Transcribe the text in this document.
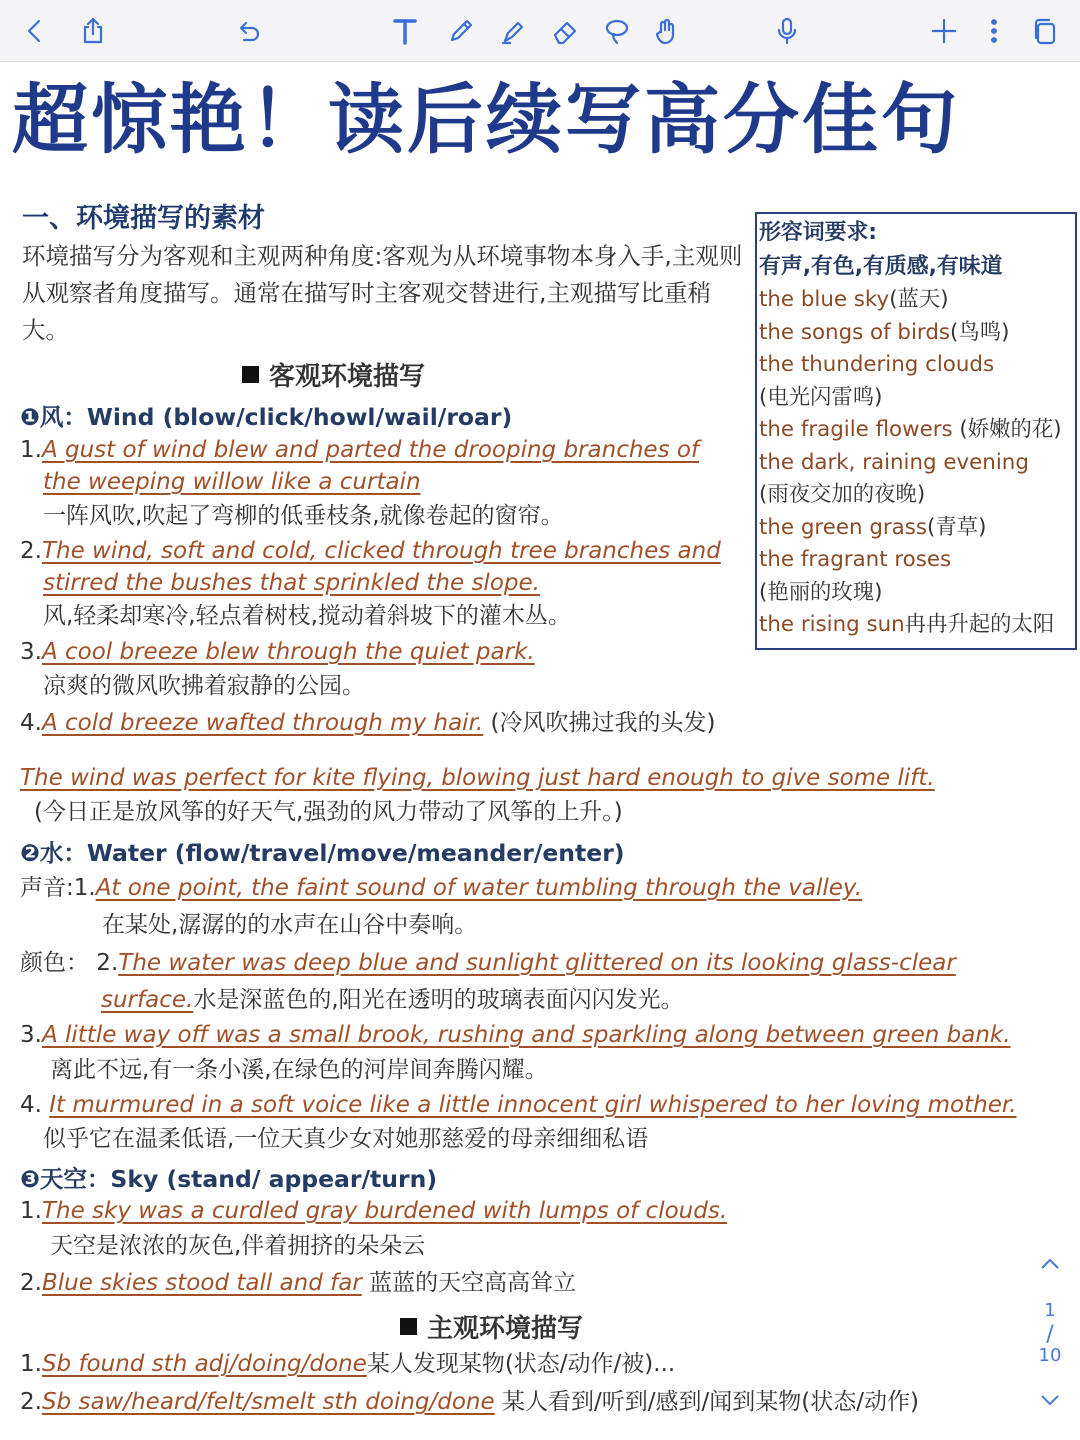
超惊艳！读后续写高分佳句
一、环境描写的素材
环境描写分为客观和主观两种角度:客观为从环境事物本身入手,主观则从观察者角度描写。通常在描写时主客观交替进行,主观描写比重稍大。
客观环境描写
❶风：Wind (blow/click/howl/wail/roar)
1.A gust of wind blew and parted the drooping branches of
the weeping willow like a curtain
一阵风吹,吹起了弯柳的低垂枝条,就像卷起的窗帘。
2.The wind, soft and cold, clicked through tree branches and
stirred the bushes that sprinkled the slope.
风,轻柔却寒冷,轻点着树枝,搅动着斜坡下的灌木丛。
3.A cool breeze blew through the quiet park.
凉爽的微风吹拂着寂静的公园。
4.A cold breeze wafted through my hair. (冷风吹拂过我的头发)
The wind was perfect for kite flying, blowing just hard enough to give some lift.
(今日正是放风筝的好天气,强劲的风力带动了风筝的上升。)
❷水：Water (flow/travel/move/meander/enter)
声音:1.At one point, the faint sound of water tumbling through the valley.
在某处,潺潺的的水声在山谷中奏响。
颜色： 2.The water was deep blue and sunlight glittered on its looking glass-clear
surface.水是深蓝色的,阳光在透明的玻璃表面闪闪发光。
3.A little way off was a small brook, rushing and sparkling along between green bank.
离此不远,有一条小溪,在绿色的河岸间奔腾闪耀。
4. It murmured in a soft voice like a little innocent girl whispered to her loving mother.
似乎它在温柔低语,一位天真少女对她那慈爱的母亲细细私语
❸天空：Sky (stand/ appear/turn)
1.The sky was a curdled gray burdened with lumps of clouds.
天空是浓浓的灰色,伴着拥挤的朵朵云
2.Blue skies stood tall and far 蓝蓝的天空高高耸立
主观环境描写
1.Sb found sth adj/doing/done某人发现某物(状态/动作/被)...
2.Sb saw/heard/felt/smelt sth doing/done 某人看到/听到/感到/闻到某物(状态/动作)
形容词要求:
有声,有色,有质感,有味道
the blue sky(蓝天)
the songs of birds(鸟鸣)
the thundering clouds
(电光闪雷鸣)
the fragile flowers (娇嫩的花)
the dark, raining evening
(雨夜交加的夜晚)
the green grass(青草)
the fragrant roses
(艳丽的玫瑰)
the rising sun冉冉升起的太阳
1
/
10
